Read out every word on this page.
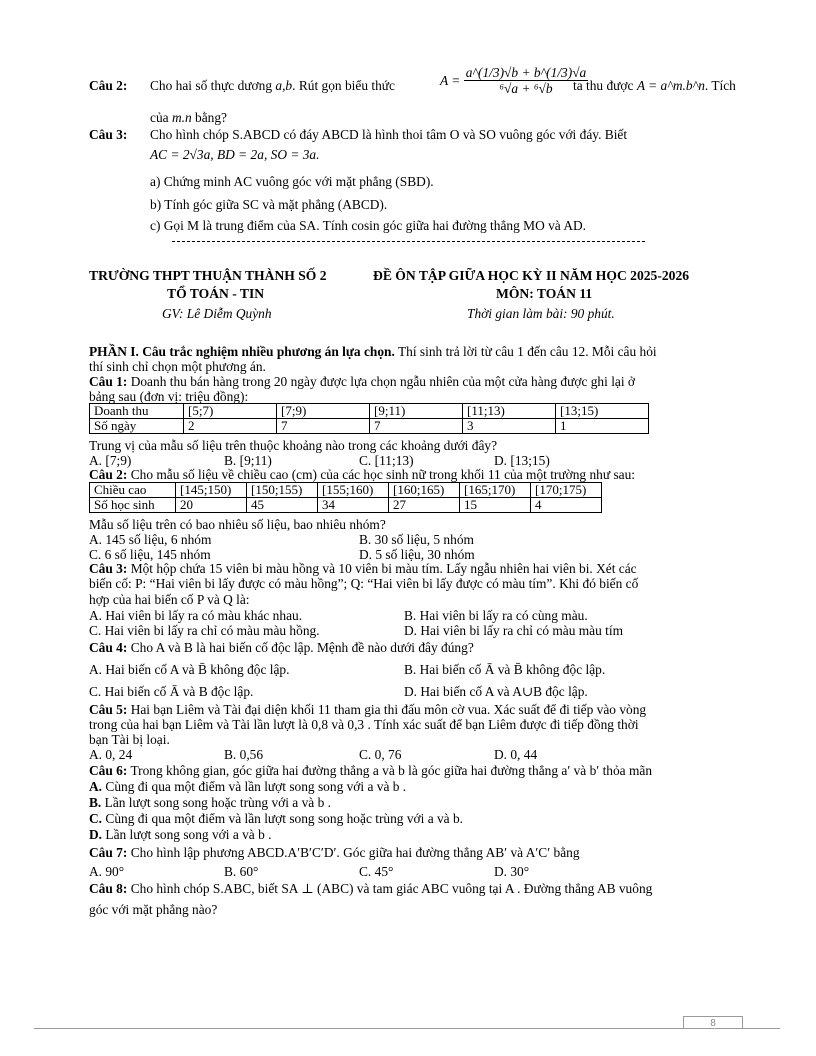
Câu 2: Cho hai số thực dương a,b. Rút gọn biểu thức	$A = \frac{a\^{}(1/3)√b + b\^{}(1/3)√a}{\text{⁶√a + ⁶√b}}$
ta thu được A = a^m.b^n. Tích
của m.n bằng?
Câu 3: Cho hình chóp S.ABCD có đáy ABCD là hình thoi tâm O và SO vuông góc với đáy. Biết
AC = 2√3a, BD = 2a, SO = 3a.
a) Chứng minh AC vuông góc với mặt phẳng (SBD).
b) Tính góc giữa SC và mặt phẳng (ABCD).
c) Gọi M là trung điểm của SA. Tính cosin góc giữa hai đường thẳng MO và AD.
TRƯỜNG THPT THUẬN THÀNH SỐ 2
TỔ TOÁN - TIN
GV: Lê Diễm Quỳnh
ĐỀ ÔN TẬP GIỮA HỌC KỲ II NĂM HỌC 2025-2026
MÔN: TOÁN 11
Thời gian làm bài: 90 phút.
PHẦN I. Câu trắc nghiệm nhiều phương án lựa chọn. Thí sinh trả lời từ câu 1 đến câu 12. Mỗi câu hỏi
thí sinh chỉ chọn một phương án.
Câu 1: Doanh thu bán hàng trong 20 ngày được lựa chọn ngẫu nhiên của một cửa hàng được ghi lại ở
bảng sau (đơn vị: triệu đồng):
Doanh thu	[5;7)	[7;9)	[9;11)	[11;13)	[13;15)
Số ngày	2	7	7	3	1
Trung vị của mẫu số liệu trên thuộc khoảng nào trong các khoảng dưới đây?
A. [7;9)	B. [9;11)	C. [11;13)	D. [13;15)
Câu 2: Cho mẫu số liệu về chiều cao (cm) của các học sinh nữ trong khối 11 của một trường như sau:
Chiều cao	[145;150)	[150;155)	[155;160)	[160;165)	[165;170)	[170;175)
Số học sinh	20	45	34	27	15	4
Mẫu số liệu trên có bao nhiêu số liệu, bao nhiêu nhóm?
A. 145 số liệu, 6 nhóm	B. 30 số liệu, 5 nhóm
C. 6 số liệu, 145 nhóm	D. 5 số liệu, 30 nhóm
Câu 3: Một hộp chứa 15 viên bi màu hồng và 10 viên bi màu tím. Lấy ngẫu nhiên hai viên bi. Xét các
biến cố: P: “Hai viên bi lấy được có màu hồng”; Q: “Hai viên bi lấy được có màu tím”. Khi đó biến cố
hợp của hai biến cố P và Q là:
A. Hai viên bi lấy ra có màu khác nhau.	B. Hai viên bi lấy ra có cùng màu.
C. Hai viên bi lấy ra chỉ có màu màu hồng.	D. Hai viên bi lấy ra chỉ có màu màu tím
Câu 4: Cho A và B là hai biến cố độc lập. Mệnh đề nào dưới đây đúng?
A. Hai biến cố A và B̄ không độc lập.	B. Hai biến cố Ā và B̄ không độc lập.
C. Hai biến cố Ā và B độc lập.	D. Hai biến cố A và A∪B độc lập.
Câu 5: Hai bạn Liêm và Tài đại diện khối 11 tham gia thi đấu môn cờ vua. Xác suất để đi tiếp vào vòng
trong của hai bạn Liêm và Tài lần lượt là 0,8 và 0,3 . Tính xác suất để bạn Liêm được đi tiếp đồng thời
bạn Tài bị loại.
A. 0, 24	B. 0,56	C. 0, 76	D. 0, 44
Câu 6: Trong không gian, góc giữa hai đường thẳng a và b là góc giữa hai đường thẳng a′ và b′ thỏa mãn
A. Cùng đi qua một điểm và lần lượt song song với a và b .
B. Lần lượt song song hoặc trùng với a và b .
C. Cùng đi qua một điểm và lần lượt song song hoặc trùng với a và b.
D. Lần lượt song song với a và b .
Câu 7: Cho hình lập phương ABCD.A′B′C′D′. Góc giữa hai đường thẳng AB′ và A′C′ bằng
A. 90°	B. 60°	C. 45°	D. 30°
Câu 8: Cho hình chóp S.ABC, biết SA ⊥ (ABC) và tam giác ABC vuông tại A . Đường thẳng AB vuông
góc với mặt phẳng nào?
8
